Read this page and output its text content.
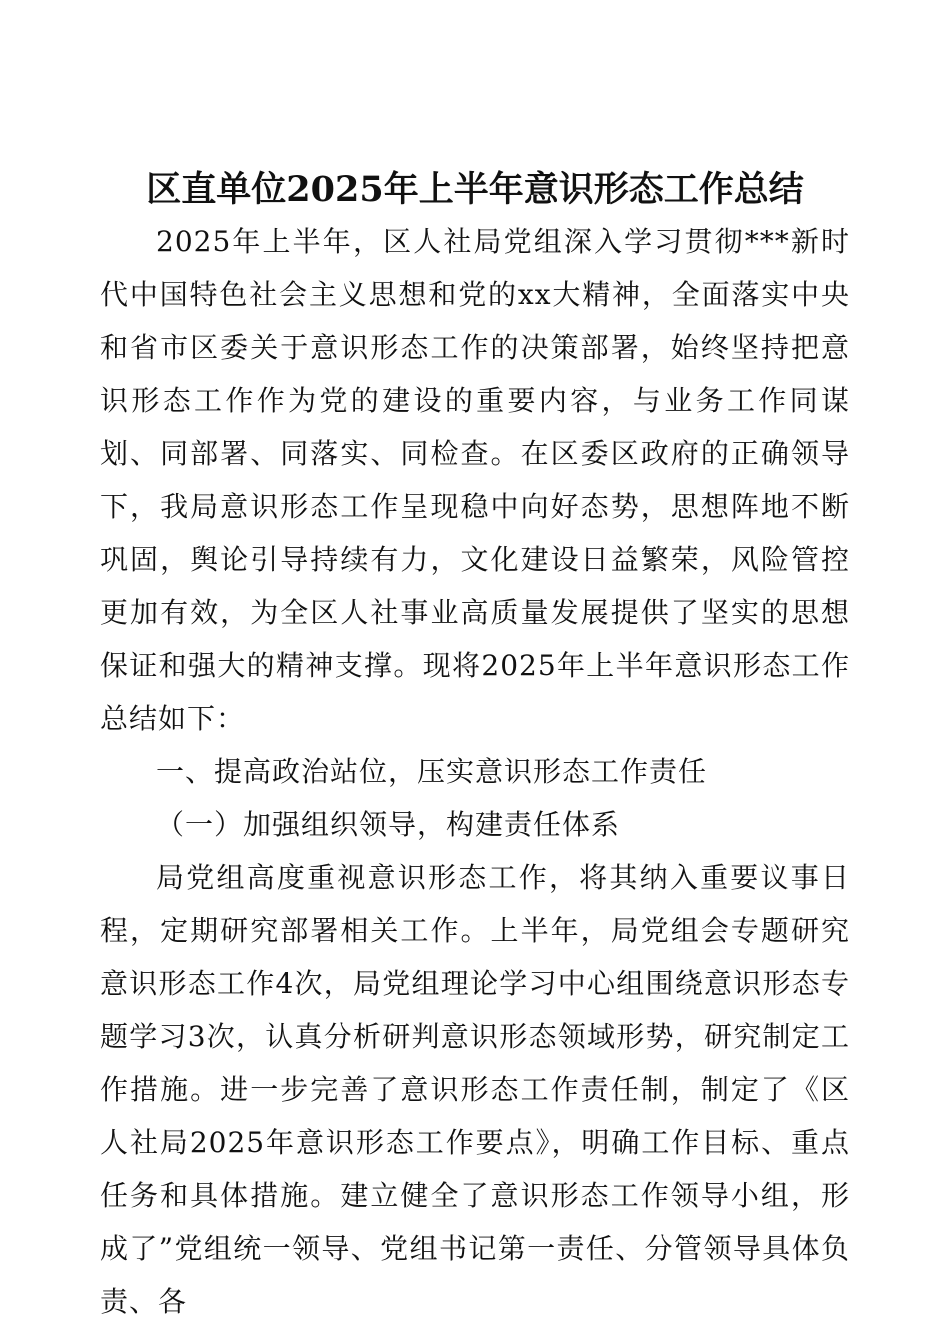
区直单位2025年上半年意识形态工作总结

2025年上半年，区人社局党组深入学习贯彻***新时代中国特色社会主义思想和党的xx大精神，全面落实中央和省市区委关于意识形态工作的决策部署，始终坚持把意识形态工作作为党的建设的重要内容，与业务工作同谋划、同部署、同落实、同检查。在区委区政府的正确领导下，我局意识形态工作呈现稳中向好态势，思想阵地不断巩固，舆论引导持续有力，文化建设日益繁荣，风险管控更加有效，为全区人社事业高质量发展提供了坚实的思想保证和强大的精神支撑。现将2025年上半年意识形态工作总结如下：

一、提高政治站位，压实意识形态工作责任

（一）加强组织领导，构建责任体系

局党组高度重视意识形态工作，将其纳入重要议事日程，定期研究部署相关工作。上半年，局党组会专题研究意识形态工作4次，局党组理论学习中心组围绕意识形态专题学习3次，认真分析研判意识形态领域形势，研究制定工作措施。进一步完善了意识形态工作责任制，制定了《区人社局2025年意识形态工作要点》，明确工作目标、重点任务和具体措施。建立健全了意识形态工作领导小组，形成了”党组统一领导、党组书记第一责任、分管领导具体负责、各
